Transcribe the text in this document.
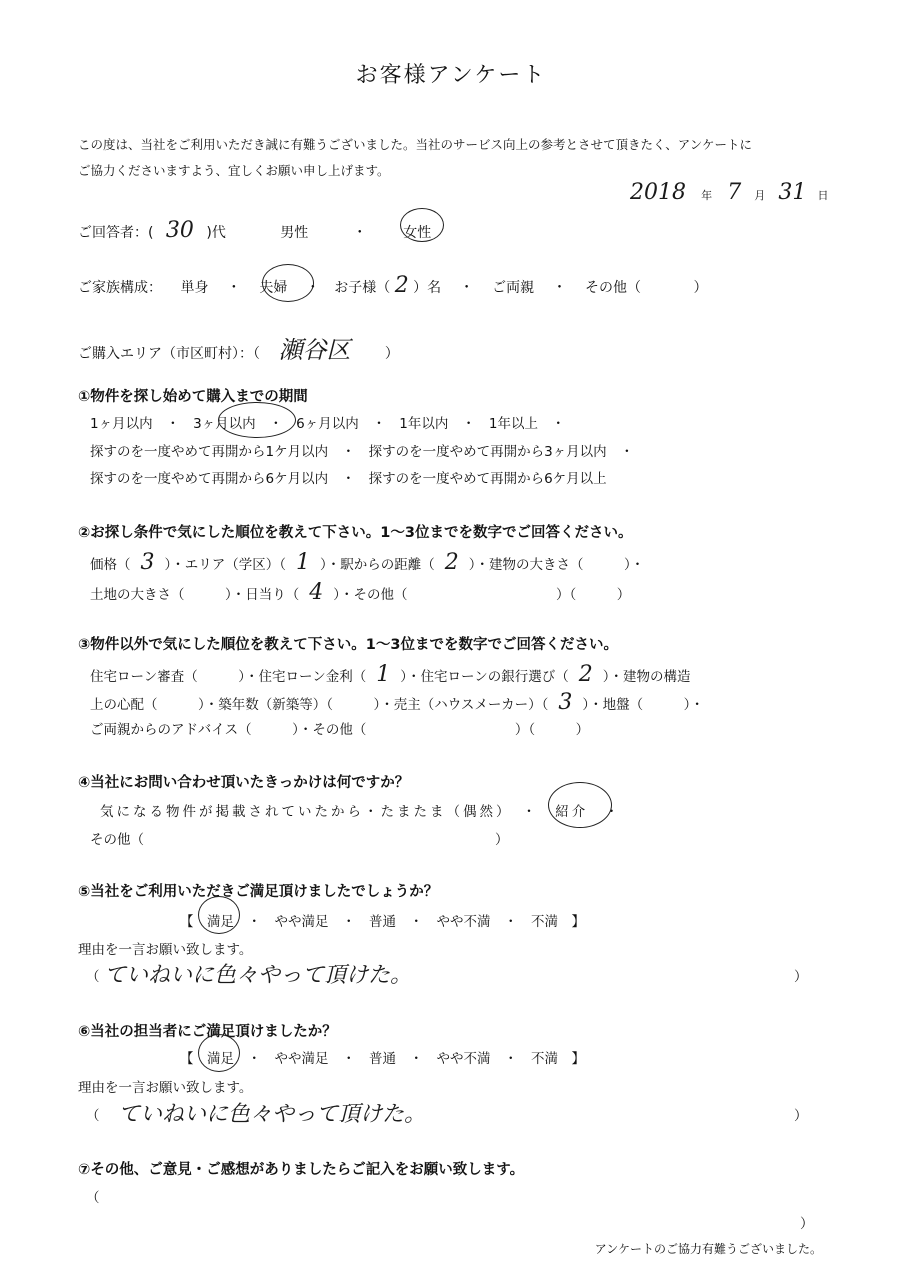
お客様アンケート
この度は、当社をご利用いただき誠に有難うございました。当社のサービス向上の参考とさせて頂きたく、アンケートに
ご協力くださいますよう、宜しくお願い申し上げます。
2018 年 7 月 31 日
ご回答者：( 30 )代	男性	・	女性
ご家族構成： 単身 ・ 夫婦 ・ お子様（ 2 ）名 ・ ご両親 ・ その他（	）
ご購入エリア（市区町村）：（ 瀬谷区 ）
①物件を探し始めて購入までの期間
1ヶ月以内　・　3ヶ月以内　・　6ヶ月以内　・　1年以内　・　1年以上　・
探すのを一度やめて再開から1ケ月以内　・　探すのを一度やめて再開から3ヶ月以内　・
探すのを一度やめて再開から6ケ月以内　・　探すのを一度やめて再開から6ケ月以上
②お探し条件で気にした順位を教えて下さい。1〜3位までを数字でご回答ください。
価格（ 3 ）・エリア（学区）（ 1 ）・駅からの距離（ 2 ）・建物の大きさ（　　　）・
土地の大きさ（　　　）・日当り（ 4 ）・その他（　　　　　　　　　　　）（　　　）
③物件以外で気にした順位を教えて下さい。1〜3位までを数字でご回答ください。
住宅ローン審査（　　　）・住宅ローン金利（ 1 ）・住宅ローンの銀行選び（ 2 ）・建物の構造
上の心配（　　　）・築年数（新築等）（　　　）・売主（ハウスメーカー）（ 3 ）・地盤（　　　）・
ご両親からのアドバイス（　　　）・その他（　　　　　　　　　　　）（　　　）
④当社にお問い合わせ頂いたきっかけは何ですか？
気になる物件が掲載されていたから・たまたま（偶然）　・　紹介　・
その他（　　　　　　　　　　　　　　　　　　　　　　　　　　）
⑤当社をご利用いただきご満足頂けましたでしょうか？
【　満足　・　やや満足　・　普通　・　やや不満　・　不満　】
理由を一言お願い致します。
（ ていねいに色々やって頂けた。	）
⑥当社の担当者にご満足頂けましたか？
【　満足　・　やや満足　・　普通　・　やや不満　・　不満　】
理由を一言お願い致します。
（ ていねいに色々やって頂けた。	）
⑦その他、ご意見・ご感想がありましたらご記入をお願い致します。
（
）
アンケートのご協力有難うございました。
